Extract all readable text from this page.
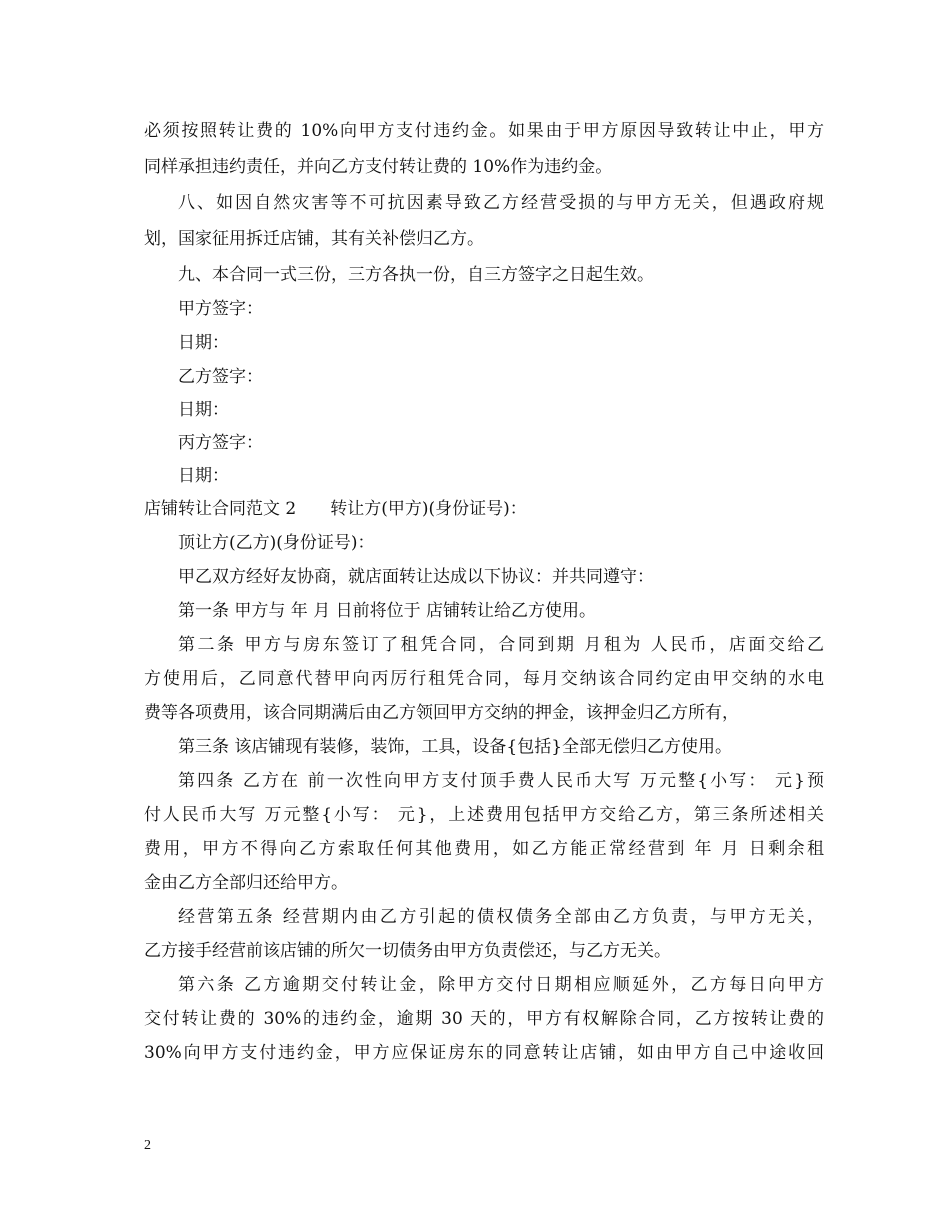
必须按照转让费的 10%向甲方支付违约金。如果由于甲方原因导致转让中止，甲方
同样承担违约责任，并向乙方支付转让费的 10%作为违约金。
八、如因自然灾害等不可抗因素导致乙方经营受损的与甲方无关，但遇政府规
划，国家征用拆迁店铺，其有关补偿归乙方。
九、本合同一式三份，三方各执一份，自三方签字之日起生效。
甲方签字：
日期：
乙方签字：
日期：
丙方签字：
日期：
店铺转让合同范文 2　　转让方(甲方)(身份证号)：
顶让方(乙方)(身份证号)：
甲乙双方经好友协商，就店面转让达成以下协议：并共同遵守：
第一条 甲方与 年 月 日前将位于 店铺转让给乙方使用。
第二条 甲方与房东签订了租凭合同，合同到期 月租为 人民币，店面交给乙
方使用后，乙同意代替甲向丙厉行租凭合同，每月交纳该合同约定由甲交纳的水电
费等各项费用，该合同期满后由乙方领回甲方交纳的押金，该押金归乙方所有，
第三条 该店铺现有装修，装饰，工具，设备{包括}全部无偿归乙方使用。
第四条 乙方在 前一次性向甲方支付顶手费人民币大写 万元整{小写： 元}预
付人民币大写 万元整{小写： 元}，上述费用包括甲方交给乙方，第三条所述相关
费用，甲方不得向乙方索取任何其他费用，如乙方能正常经营到 年 月 日剩余租
金由乙方全部归还给甲方。
经营第五条 经营期内由乙方引起的债权债务全部由乙方负责，与甲方无关，
乙方接手经营前该店铺的所欠一切债务由甲方负责偿还，与乙方无关。
第六条 乙方逾期交付转让金，除甲方交付日期相应顺延外，乙方每日向甲方
交付转让费的 30%的违约金，逾期 30 天的，甲方有权解除合同，乙方按转让费的
30%向甲方支付违约金，甲方应保证房东的同意转让店铺，如由甲方自己中途收回
2
